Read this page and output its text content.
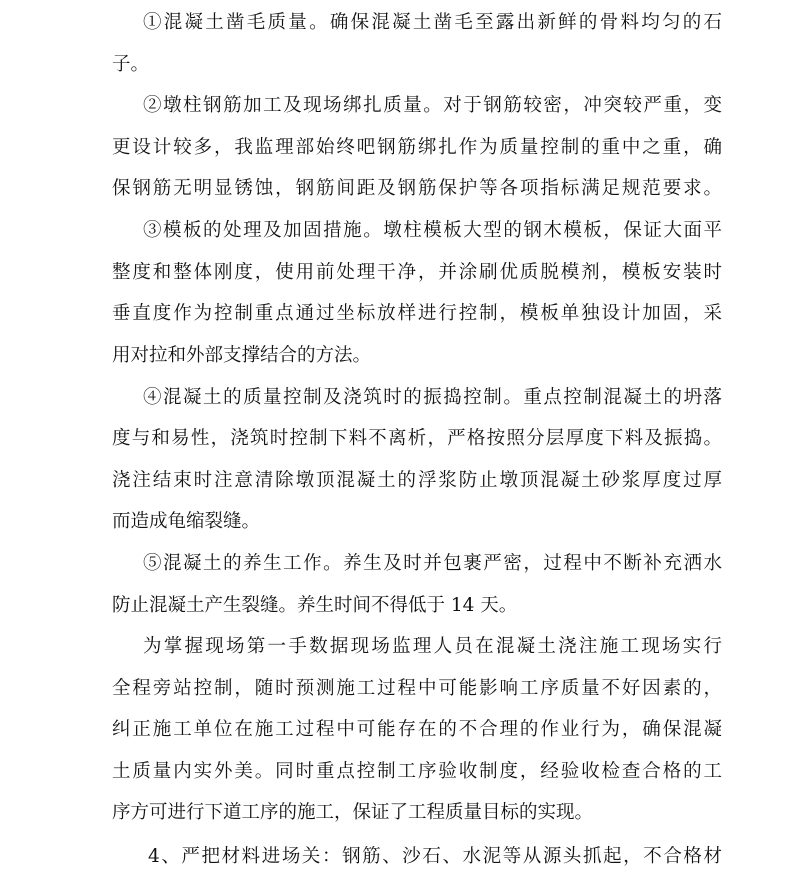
①混凝土凿毛质量。确保混凝土凿毛至露出新鲜的骨料均匀的石
子。
②墩柱钢筋加工及现场绑扎质量。对于钢筋较密，冲突较严重，变
更设计较多，我监理部始终吧钢筋绑扎作为质量控制的重中之重，确
保钢筋无明显锈蚀，钢筋间距及钢筋保护等各项指标满足规范要求。
③模板的处理及加固措施。墩柱模板大型的钢木模板，保证大面平
整度和整体刚度，使用前处理干净，并涂刷优质脱模剂，模板安装时
垂直度作为控制重点通过坐标放样进行控制，模板单独设计加固，采
用对拉和外部支撑结合的方法。
④混凝土的质量控制及浇筑时的振捣控制。重点控制混凝土的坍落
度与和易性，浇筑时控制下料不离析，严格按照分层厚度下料及振捣。
浇注结束时注意清除墩顶混凝土的浮浆防止墩顶混凝土砂浆厚度过厚
而造成龟缩裂缝。
⑤混凝土的养生工作。养生及时并包裹严密，过程中不断补充洒水
防止混凝土产生裂缝。养生时间不得低于 14 天。
为掌握现场第一手数据现场监理人员在混凝土浇注施工现场实行
全程旁站控制，随时预测施工过程中可能影响工序质量不好因素的，
纠正施工单位在施工过程中可能存在的不合理的作业行为，确保混凝
土质量内实外美。同时重点控制工序验收制度，经验收检查合格的工
序方可进行下道工序的施工，保证了工程质量目标的实现。
4、严把材料进场关：钢筋、沙石、水泥等从源头抓起，不合格材
